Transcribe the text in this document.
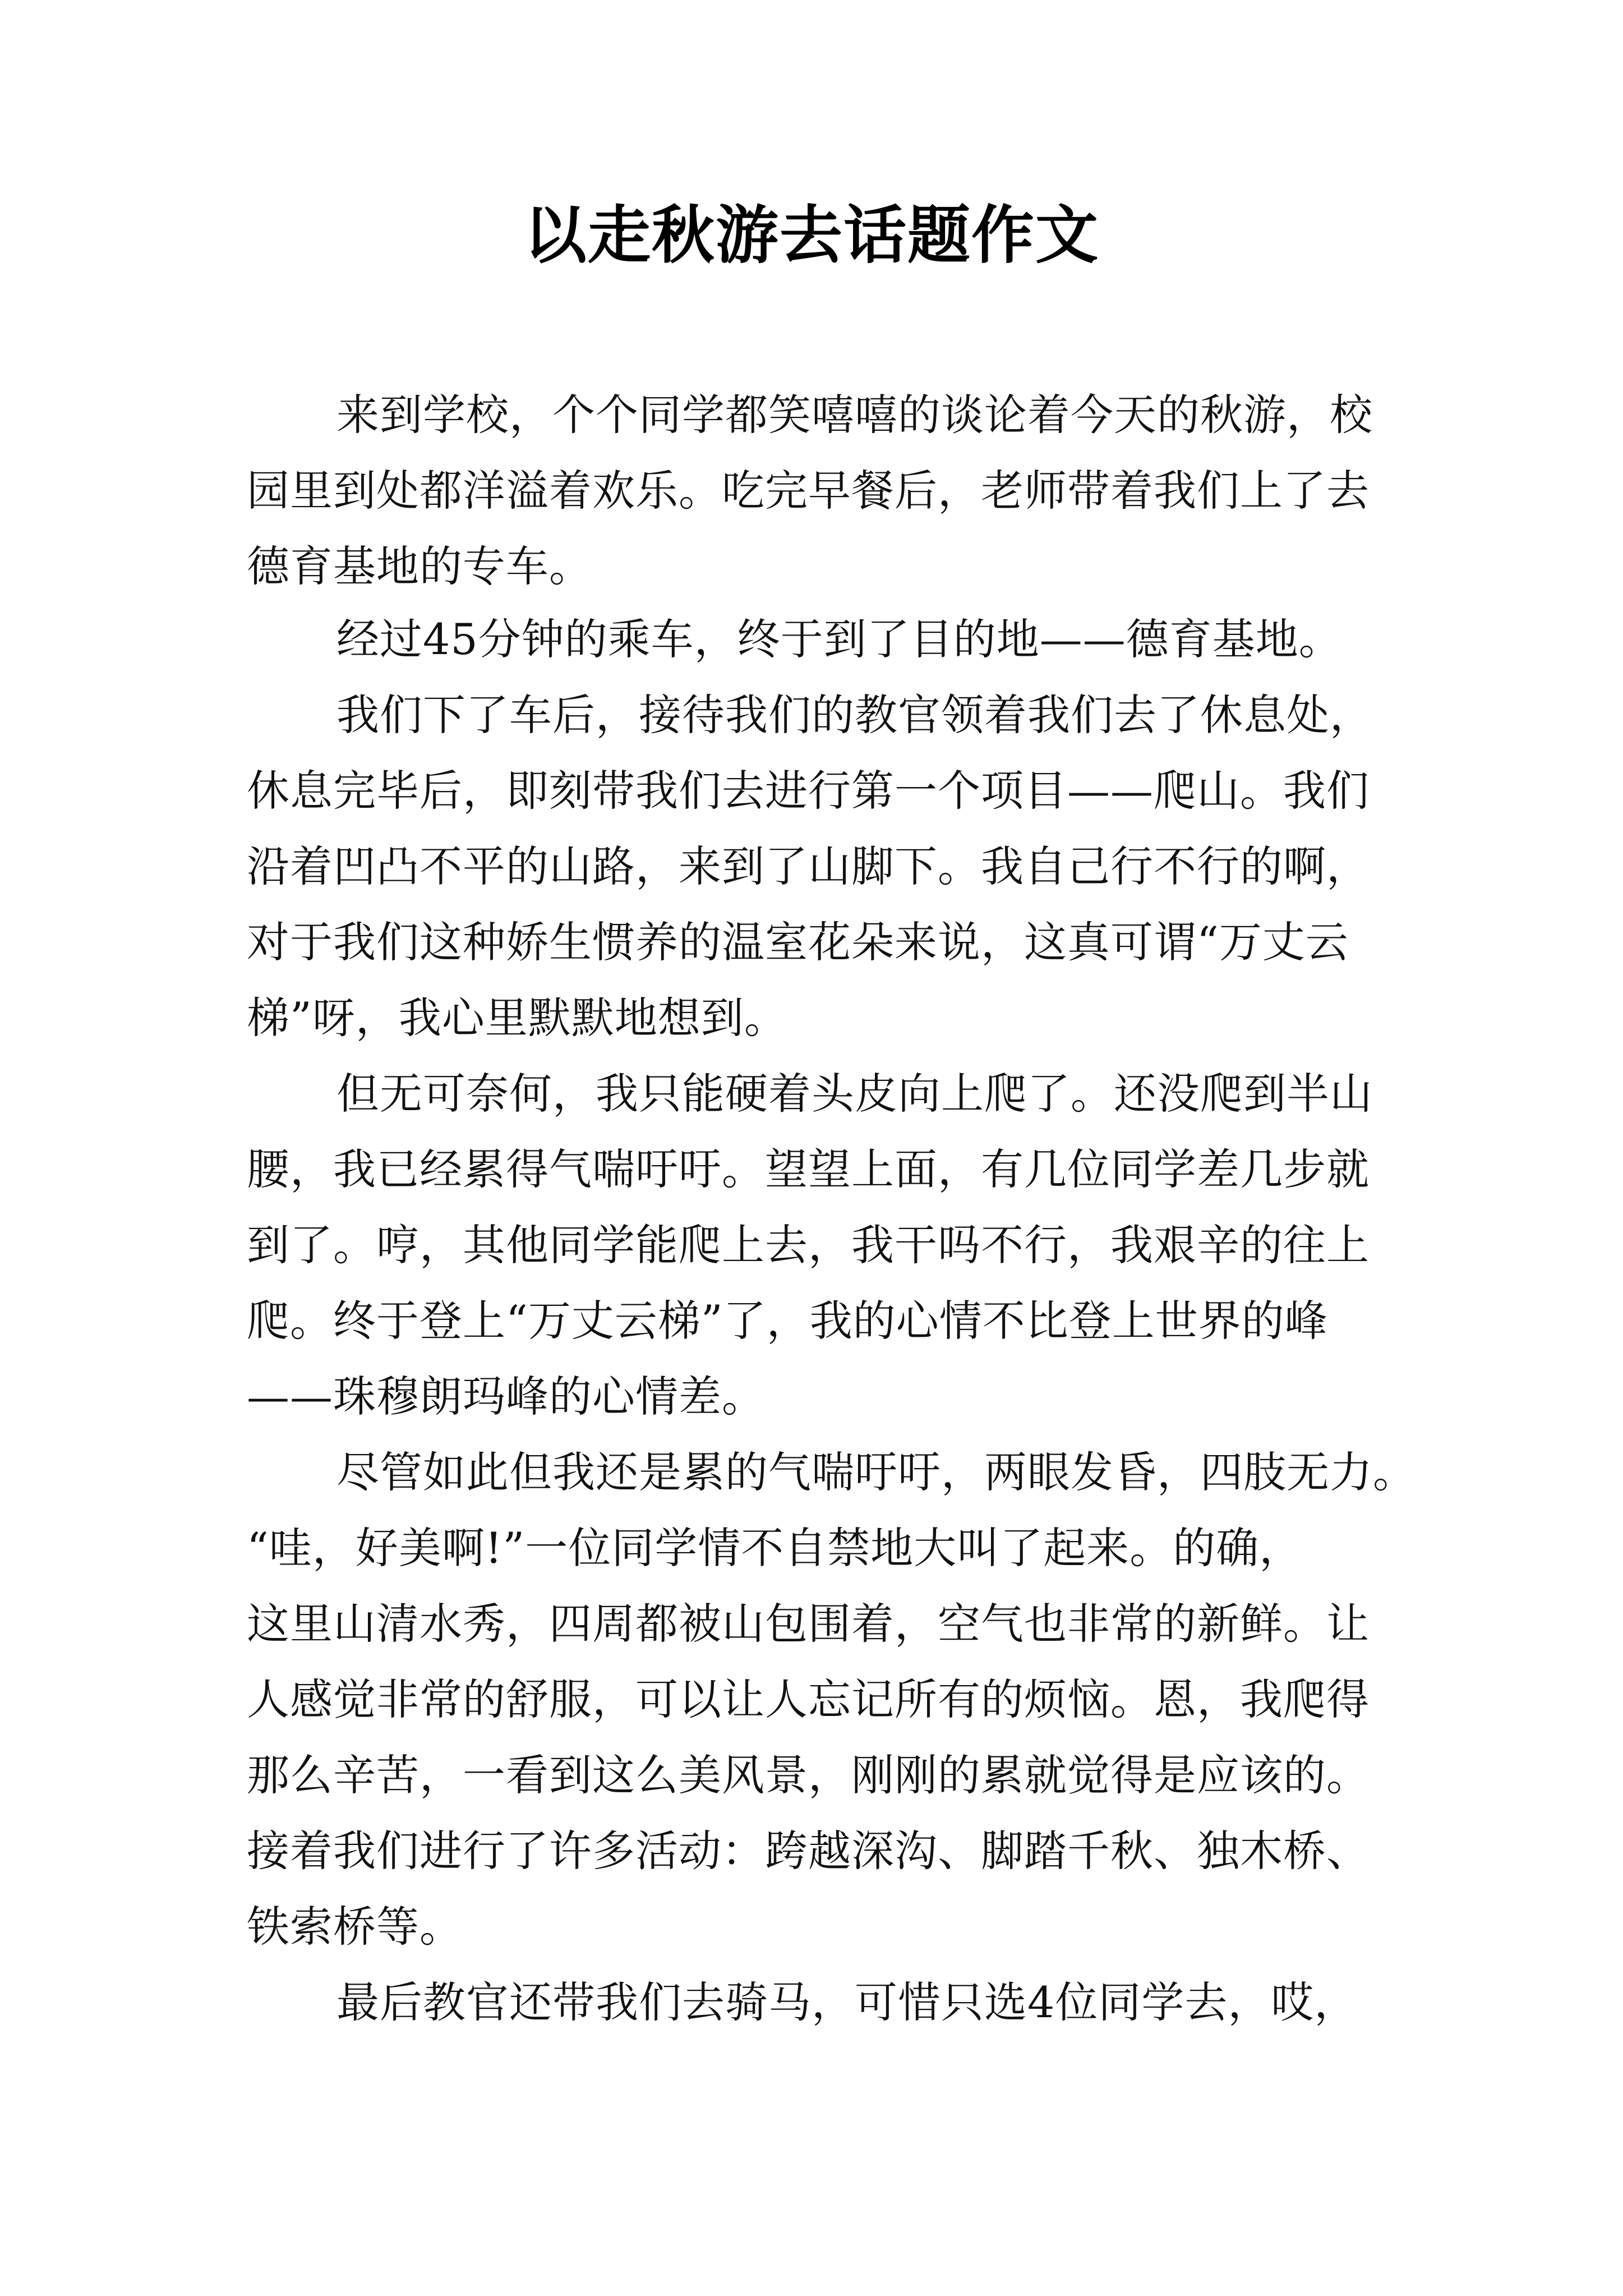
以走秋游去话题作文
来到学校，个个同学都笑嘻嘻的谈论着今天的秋游，校
园里到处都洋溢着欢乐。吃完早餐后，老师带着我们上了去
德育基地的专车。
经过45分钟的乘车，终于到了目的地——德育基地。
我们下了车后，接待我们的教官领着我们去了休息处，
休息完毕后，即刻带我们去进行第一个项目——爬山。我们
沿着凹凸不平的山路，来到了山脚下。我自己行不行的啊，
对于我们这种娇生惯养的温室花朵来说，这真可谓“万丈云
梯”呀，我心里默默地想到。
但无可奈何，我只能硬着头皮向上爬了。还没爬到半山
腰，我已经累得气喘吁吁。望望上面，有几位同学差几步就
到了。哼，其他同学能爬上去，我干吗不行，我艰辛的往上
爬。终于登上“万丈云梯”了，我的心情不比登上世界的峰
——珠穆朗玛峰的心情差。
尽管如此但我还是累的气喘吁吁，两眼发昏，四肢无力。
“哇，好美啊!”一位同学情不自禁地大叫了起来。的确，
这里山清水秀，四周都被山包围着，空气也非常的新鲜。让
人感觉非常的舒服，可以让人忘记所有的烦恼。恩，我爬得
那么辛苦，一看到这么美风景，刚刚的累就觉得是应该的。
接着我们进行了许多活动：跨越深沟、脚踏千秋、独木桥、
铁索桥等。
最后教官还带我们去骑马，可惜只选4位同学去，哎，
